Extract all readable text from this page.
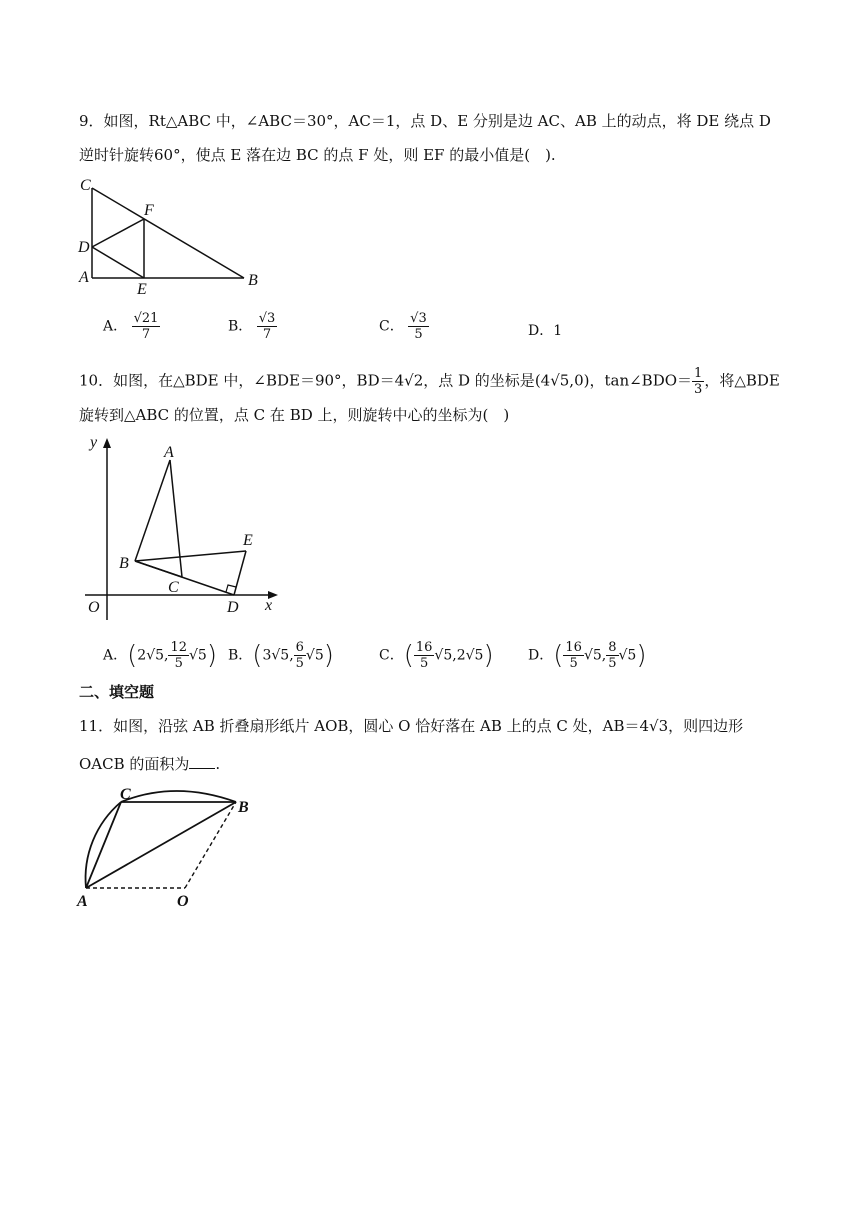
9．如图，Rt△ABC 中，∠ABC＝30°，AC＝1，点 D、E 分别是边 AC、AB 上的动点，将 DE 绕点 D
逆时针旋转60°，使点 E 落在边 BC 的点 F 处，则 EF 的最小值是(　).
C
F
D
A
E
B
A． $\frac{√21}{7}$	B． $\frac{√3}{7}$	C． $\frac{√3}{5}$	D．1
10．如图，在△BDE 中，∠BDE＝90°，BD＝4√2，点 D 的坐标是(4√5,0)，tan∠BDO＝ $\frac{1}{3}$ ，将△BDE
旋转到△ABC 的位置，点 C 在 BD 上，则旋转中心的坐标为(　)
y
A
E
B
C
O	D x
A．(2√5, $\frac{12}{5} √5$) B．(3√5, $\frac{6}{5} √5$)	C．( $\frac{16}{5} √5,2√5$) D．( $\frac{16}{5} √5$, $\frac{8}{5} √5$)
二、填空题
11．如图，沿弦 AB 折叠扇形纸片 AOB，圆心 O 恰好落在 AB 上的点 C 处，AB＝4√3，则四边形
OACB 的面积为 .
C
B
A	O
